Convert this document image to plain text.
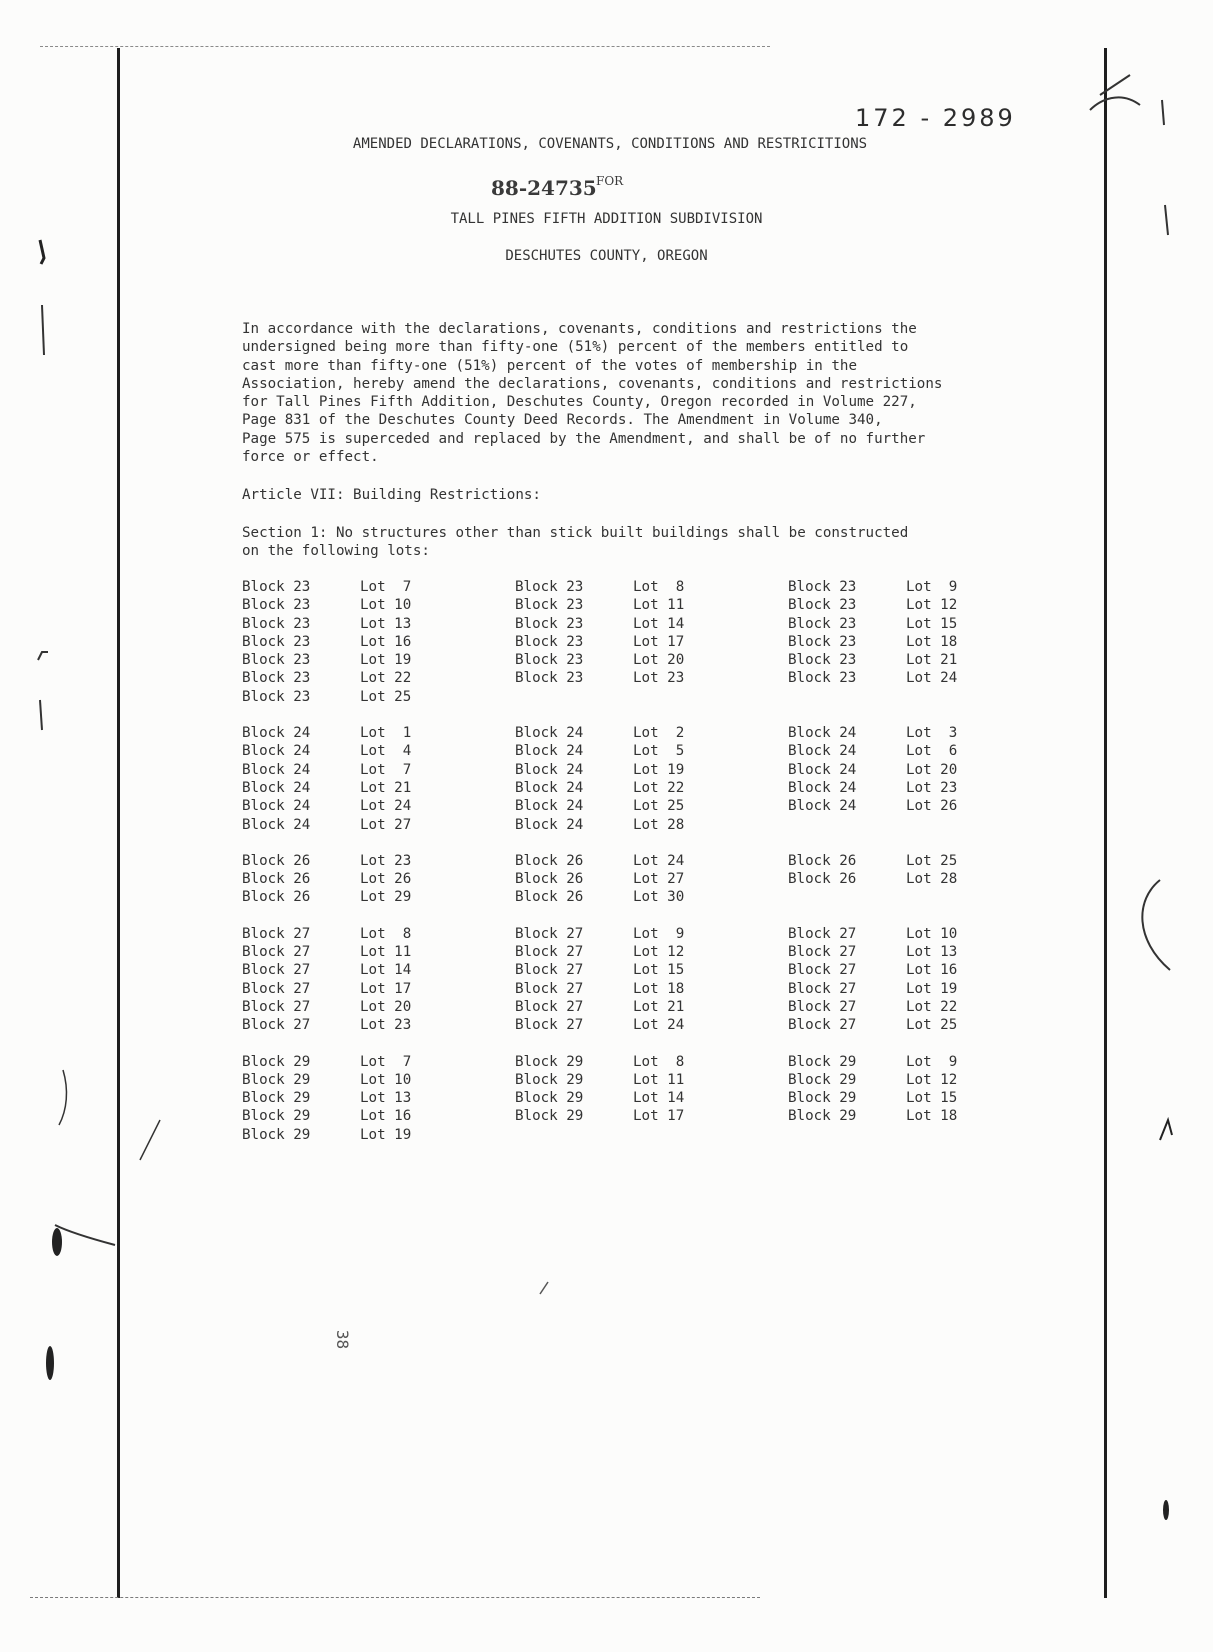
172 - 2989
AMENDED DECLARATIONS, COVENANTS, CONDITIONS AND RESTRICITIONS
88-24735 FOR
TALL PINES FIFTH ADDITION SUBDIVISION
DESCHUTES COUNTY, OREGON
In accordance with the declarations, covenants, conditions and restrictions the
undersigned being more than fifty-one (51%) percent of the members entitled to
cast more than fifty-one (51%) percent of the votes of membership in the
Association, hereby amend the declarations, covenants, conditions and restrictions
for Tall Pines Fifth Addition, Deschutes County, Oregon recorded in Volume 227,
Page 831 of the Deschutes County Deed Records. The Amendment in Volume 340,
Page 575 is superceded and replaced by the Amendment, and shall be of no further
force or effect.
Article VII: Building Restrictions:
Section 1: No structures other than stick built buildings shall be constructed
on the following lots:
Block 23	Lot  7	Block 23	Lot  8	Block 23	Lot  9
Block 23	Lot 10	Block 23	Lot 11	Block 23	Lot 12
Block 23	Lot 13	Block 23	Lot 14	Block 23	Lot 15
Block 23	Lot 16	Block 23	Lot 17	Block 23	Lot 18
Block 23	Lot 19	Block 23	Lot 20	Block 23	Lot 21
Block 23	Lot 22	Block 23	Lot 23	Block 23	Lot 24
Block 23	Lot 25
Block 24	Lot  1	Block 24	Lot  2	Block 24	Lot  3
Block 24	Lot  4	Block 24	Lot  5	Block 24	Lot  6
Block 24	Lot  7	Block 24	Lot 19	Block 24	Lot 20
Block 24	Lot 21	Block 24	Lot 22	Block 24	Lot 23
Block 24	Lot 24	Block 24	Lot 25	Block 24	Lot 26
Block 24	Lot 27	Block 24	Lot 28
Block 26	Lot 23	Block 26	Lot 24	Block 26	Lot 25
Block 26	Lot 26	Block 26	Lot 27	Block 26	Lot 28
Block 26	Lot 29	Block 26	Lot 30
Block 27	Lot  8	Block 27	Lot  9	Block 27	Lot 10
Block 27	Lot 11	Block 27	Lot 12	Block 27	Lot 13
Block 27	Lot 14	Block 27	Lot 15	Block 27	Lot 16
Block 27	Lot 17	Block 27	Lot 18	Block 27	Lot 19
Block 27	Lot 20	Block 27	Lot 21	Block 27	Lot 22
Block 27	Lot 23	Block 27	Lot 24	Block 27	Lot 25
Block 29	Lot  7	Block 29	Lot  8	Block 29	Lot  9
Block 29	Lot 10	Block 29	Lot 11	Block 29	Lot 12
Block 29	Lot 13	Block 29	Lot 14	Block 29	Lot 15
Block 29	Lot 16	Block 29	Lot 17	Block 29	Lot 18
Block 29	Lot 19
38
